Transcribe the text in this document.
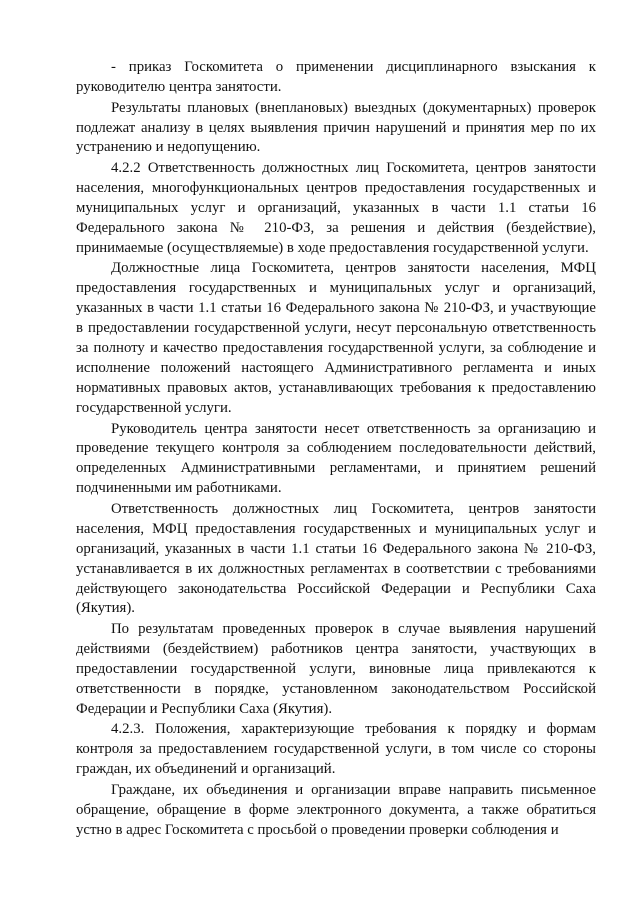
- приказ Госкомитета о применении дисциплинарного взыскания к руководителю центра занятости.

Результаты плановых (внеплановых) выездных (документарных) проверок подлежат анализу в целях выявления причин нарушений и принятия мер по их устранению и недопущению.

4.2.2 Ответственность должностных лиц Госкомитета, центров занятости населения, многофункциональных центров предоставления государственных и муниципальных услуг и организаций, указанных в части 1.1 статьи 16 Федерального закона № 210-ФЗ, за решения и действия (бездействие), принимаемые (осуществляемые) в ходе предоставления государственной услуги.

Должностные лица Госкомитета, центров занятости населения, МФЦ предоставления государственных и муниципальных услуг и организаций, указанных в части 1.1 статьи 16 Федерального закона № 210-ФЗ, и участвующие в предоставлении государственной услуги, несут персональную ответственность за полноту и качество предоставления государственной услуги, за соблюдение и исполнение положений настоящего Административного регламента и иных нормативных правовых актов, устанавливающих требования к предоставлению государственной услуги.

Руководитель центра занятости несет ответственность за организацию и проведение текущего контроля за соблюдением последовательности действий, определенных Административными регламентами, и принятием решений подчиненными им работниками.

Ответственность должностных лиц Госкомитета, центров занятости населения, МФЦ предоставления государственных и муниципальных услуг и организаций, указанных в части 1.1 статьи 16 Федерального закона № 210-ФЗ, устанавливается в их должностных регламентах в соответствии с требованиями действующего законодательства Российской Федерации и Республики Саха (Якутия).

По результатам проведенных проверок в случае выявления нарушений действиями (бездействием) работников центра занятости, участвующих в предоставлении государственной услуги, виновные лица привлекаются к ответственности в порядке, установленном законодательством Российской Федерации и Республики Саха (Якутия).

4.2.3. Положения, характеризующие требования к порядку и формам контроля за предоставлением государственной услуги, в том числе со стороны граждан, их объединений и организаций.

Граждане, их объединения и организации вправе направить письменное обращение, обращение в форме электронного документа, а также обратиться устно в адрес Госкомитета с просьбой о проведении проверки соблюдения и
